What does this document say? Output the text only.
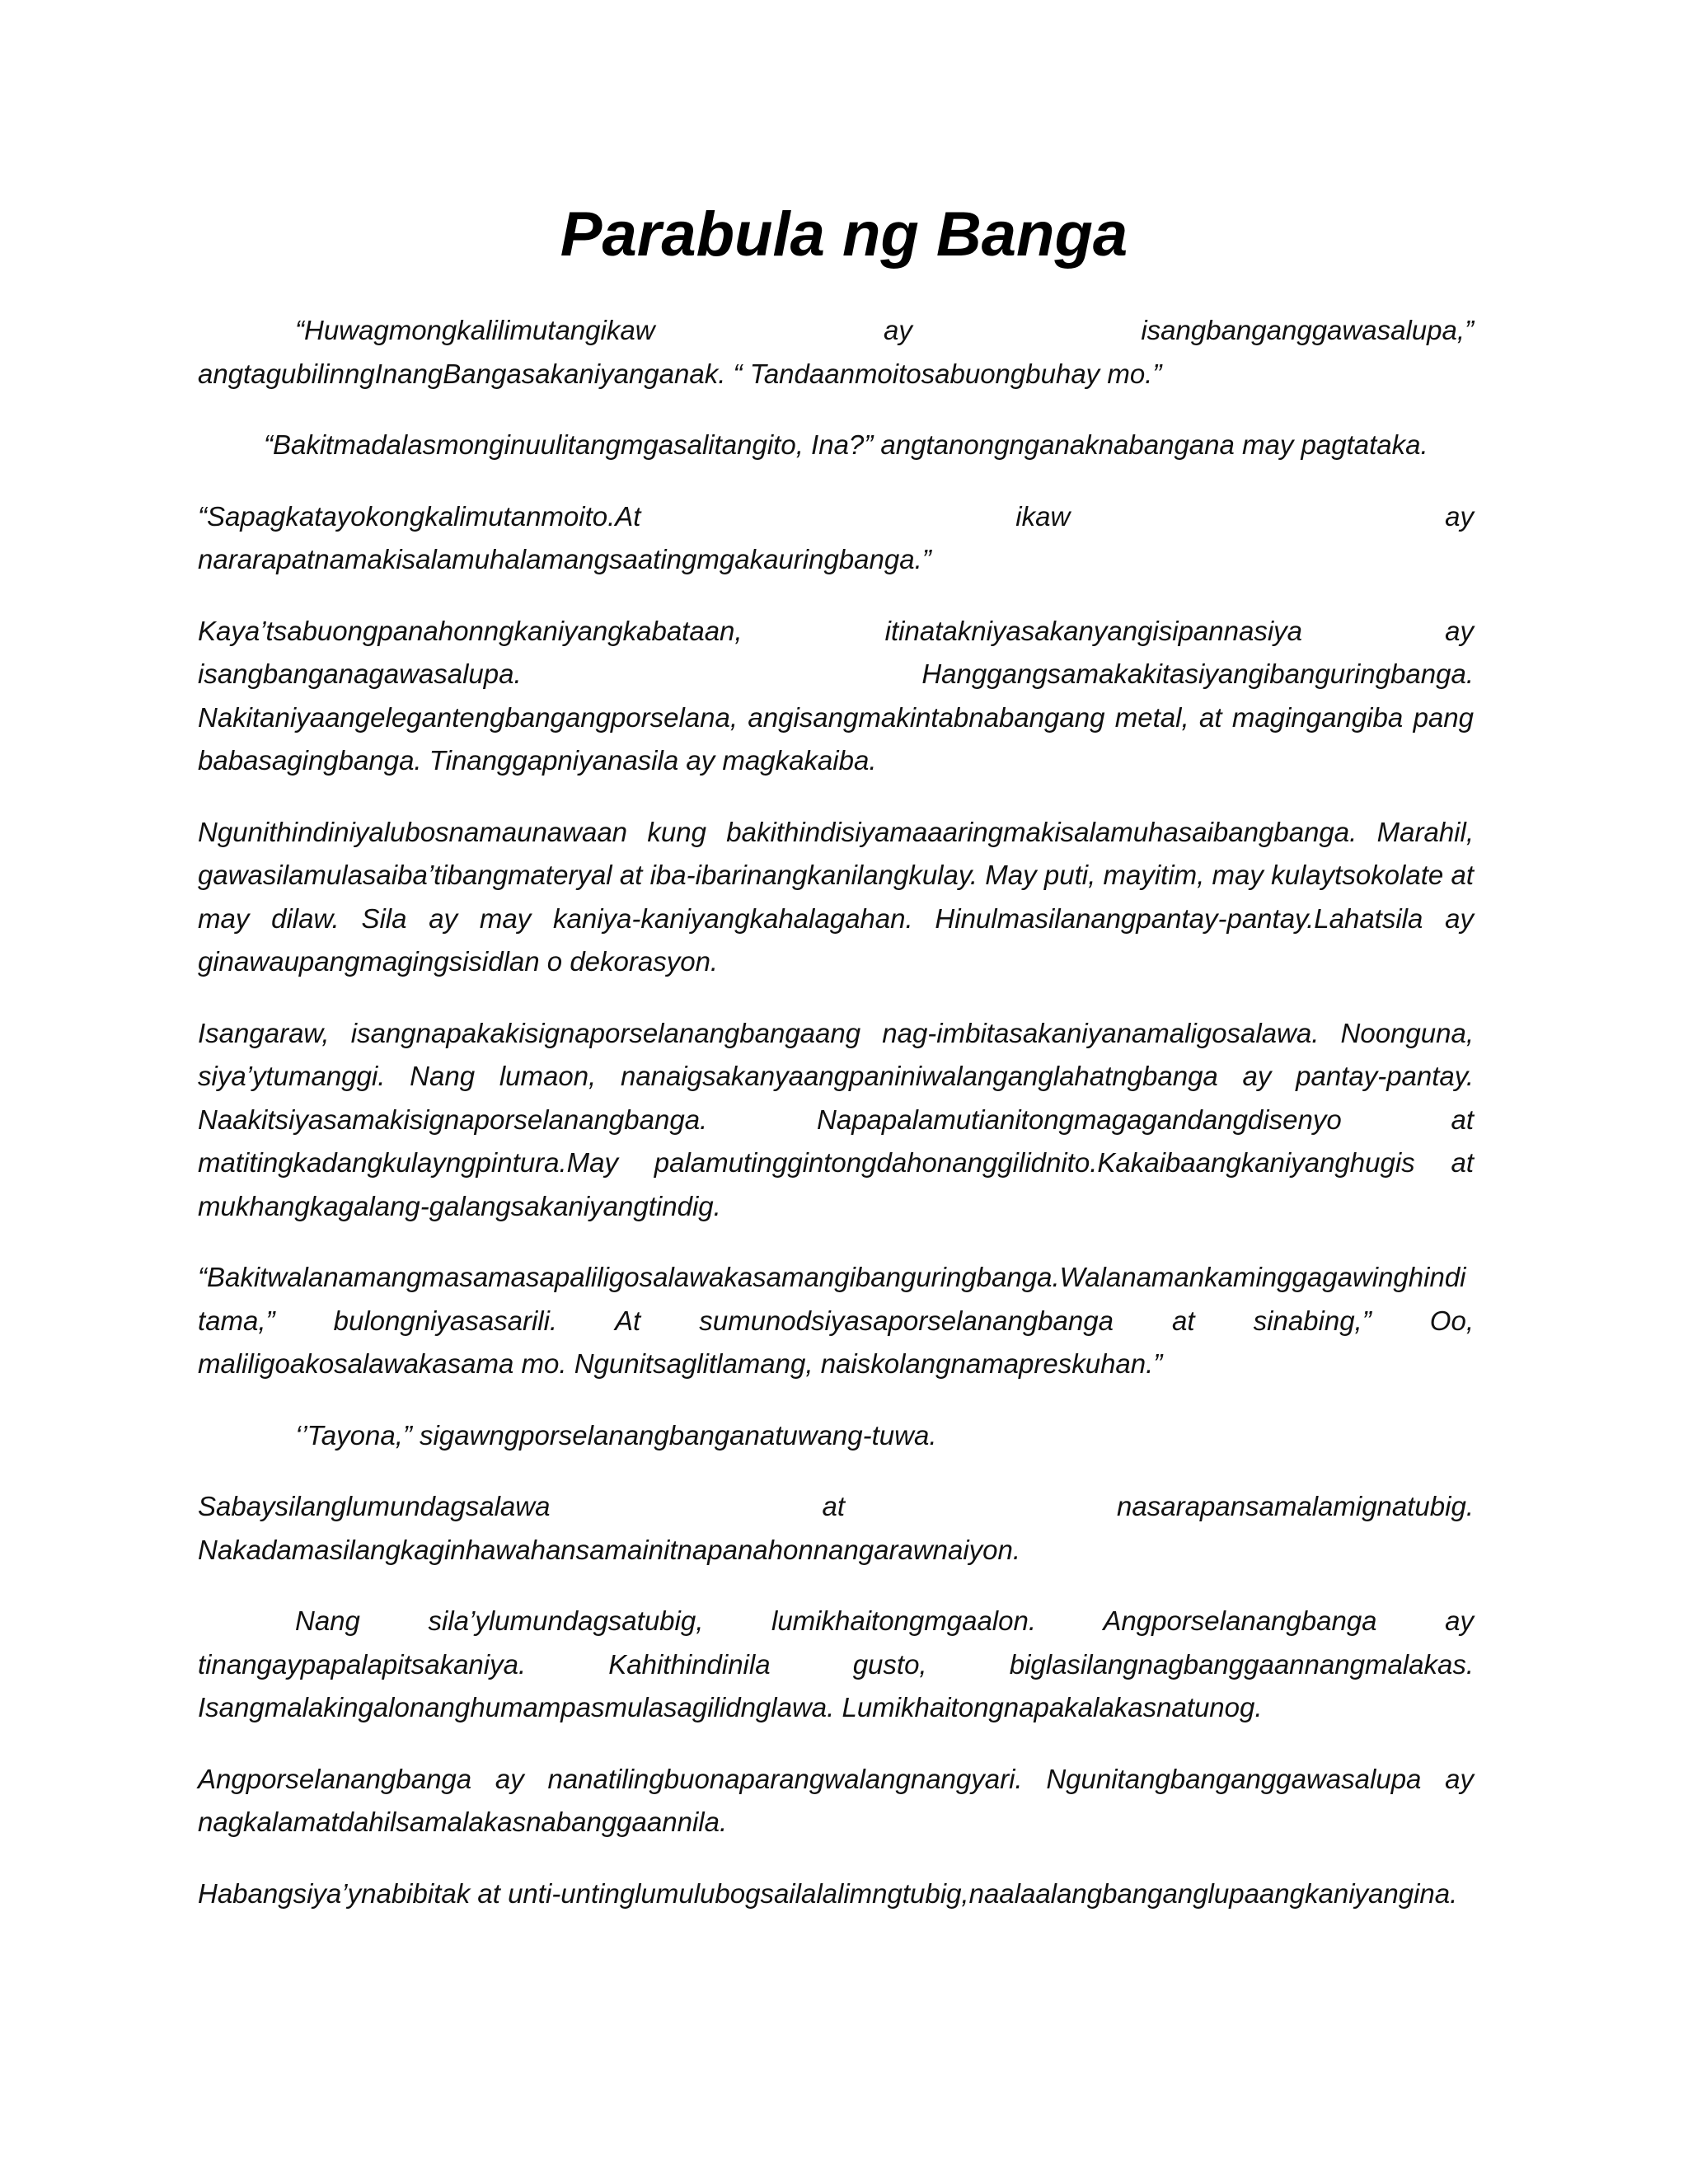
Parabula ng Banga

“Huwagmongkalilimutangikaw ay isangbanganggawasalupa,” angtagubilinngInangBangasakaniyanganak. “ Tandaanmoitosabuongbuhay mo.”

“Bakitmadalasmonginuulitangmgasalitangito, Ina?” angtanongnganaknabangana may pagtataka.

“Sapagkatayokongkalimutanmoito.At ikaw ay nararapatnamakisalamuhalamangsaatingmgakauringbanga.”

Kaya’tsabuongpanahonngkaniyangkabataan, itinatakniyasakanyangisipannasiya ay isangbanganagawasalupa. Hanggangsamakakitasiyangibanguringbanga. Nakitaniyaangelegantengbangangporselana, angisangmakintabnabangang metal, at magingangiba pang babasagingbanga. Tinanggapniyanasila ay magkakaiba.

Ngunithindiniyalubosnamaunawaan kung bakithindisiyamaaaringmakisalamuhasaibangbanga. Marahil, gawasilamulasaiba’tibangmateryal at iba-ibarinangkanilangkulay. May puti, mayitim, may kulaytsokolate at may dilaw. Sila ay may kaniya-kaniyangkahalagahan. Hinulmasilanangpantay-pantay.Lahatsila ay ginawaupangmagingsisidlan o dekorasyon.

Isangaraw, isangnapakakisignaporselanangbangaang nag-imbitasakaniyanamaligosalawa. Noonguna, siya’ytumanggi. Nang lumaon, nanaigsakanyaangpaniniwalanganglahatngbanga ay pantay-pantay. Naakitsiyasamakisignaporselanangbanga. Napapalamutianitongmagagandangdisenyo at matitingkadangkulayngpintura.May palamutinggintongdahonanggilidnito.Kakaibaangkaniyanghugis at mukhangkagalang-galangsakaniyangtindig.

“Bakitwalanamangmasamasapaliligosalawakasamangibanguringbanga.Walanamankaminggagawinghindi tama,” bulongniyasasarili. At sumunodsiyasaporselanangbanga at sinabing,” Oo, maliligoakosalawakasama mo. Ngunitsaglitlamang, naiskolangnamapreskuhan.”

‘’Tayona,” sigawngporselanangbanganatuwang-tuwa.

Sabaysilanglumundagsalawa at nasarapansamalamignatubig. Nakadamasilangkaginhawahansamainitnapanahonnangarawnaiyon.

Nang sila’ylumundagsatubig, lumikhaitongmgaalon. Angporselanangbanga ay tinangaypapalapitsakaniya. Kahithindinila gusto, biglasilangnagbanggaannangmalakas. Isangmalakingalonanghumampasmulasagilidnglawa. Lumikhaitongnapakalakasnatunog.

Angporselanangbanga ay nanatilingbuonaparangwalangnangyari. Ngunitangbanganggawasalupa ay nagkalamatdahilsamalakasnabanggaannila.

Habangsiya’ynabibitak at unti-untinglumulubogsailalalimngtubig,naalaalangbanganglupaangkaniyangina.
